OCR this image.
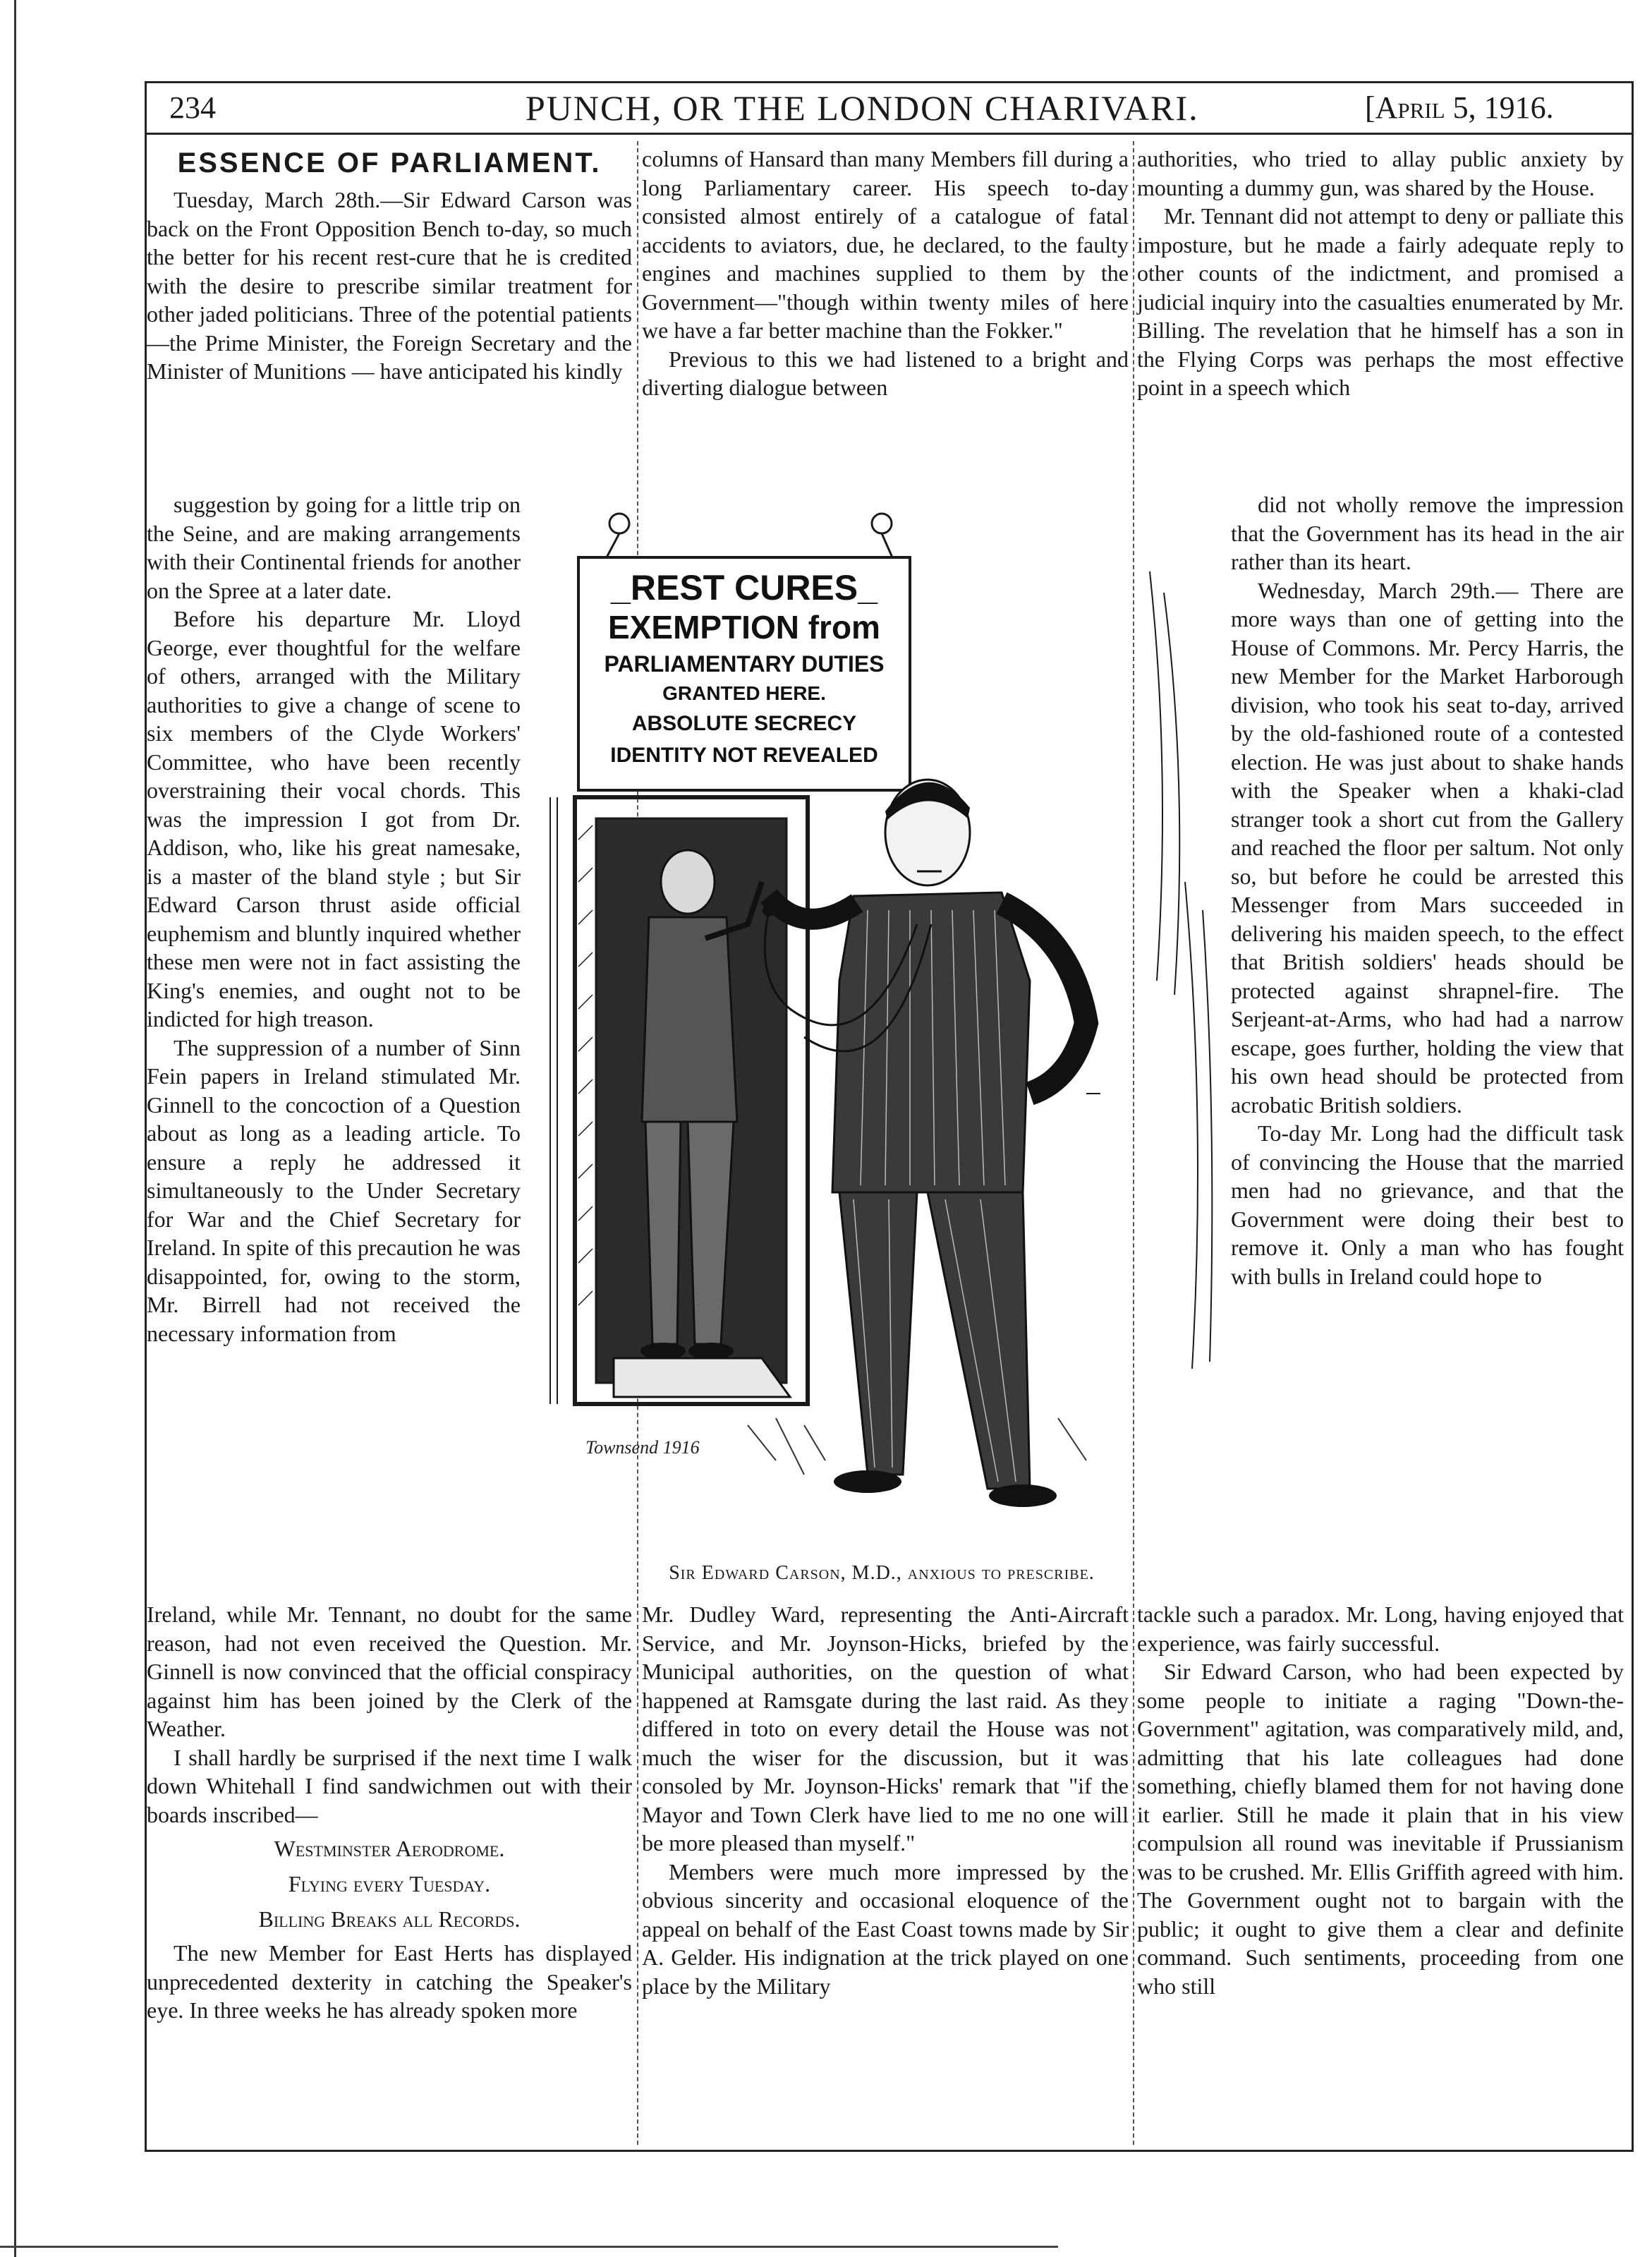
234	PUNCH, OR THE LONDON CHARIVARI.	[April 5, 1916.
ESSENCE OF PARLIAMENT.

Tuesday, March 28th.—Sir Edward Carson was back on the Front Opposition Bench to-day, so much the better for his recent rest-cure that he is credited with the desire to prescribe similar treatment for other jaded politicians. Three of the potential patients —the Prime Minister, the Foreign Secretary and the Minister of Munitions — have anticipated his kindly

suggestion by going for a little trip on the Seine, and are making arrangements with their Continental friends for another on the Spree at a later date.

Before his departure Mr. Lloyd George, ever thoughtful for the welfare of others, arranged with the Military authorities to give a change of scene to six members of the Clyde Workers' Committee, who have been recently overstraining their vocal chords. This was the impression I got from Dr. Addison, who, like his great namesake, is a master of the bland style ; but Sir Edward Carson thrust aside official euphemism and bluntly inquired whether these men were not in fact assisting the King's enemies, and ought not to be indicted for high treason.

The suppression of a number of Sinn Fein papers in Ireland stimulated Mr. Ginnell to the concoction of a Question about as long as a leading article. To ensure a reply he addressed it simultaneously to the Under Secretary for War and the Chief Secretary for Ireland. In spite of this precaution he was disappointed, for, owing to the storm, Mr. Birrell had not received the necessary information from

Ireland, while Mr. Tennant, no doubt for the same reason, had not even received the Question. Mr. Ginnell is now convinced that the official conspiracy against him has been joined by the Clerk of the Weather.

I shall hardly be surprised if the next time I walk down Whitehall I find sandwichmen out with their boards inscribed—

Westminster Aerodrome.
Flying every Tuesday.
Billing Breaks all Records.

The new Member for East Herts has displayed unprecedented dexterity in catching the Speaker's eye. In three weeks he has already spoken more

columns of Hansard than many Members fill during a long Parliamentary career. His speech to-day consisted almost entirely of a catalogue of fatal accidents to aviators, due, he declared, to the faulty engines and machines supplied to them by the Government—"though within twenty miles of here we have a far better machine than the Fokker."

Previous to this we had listened to a bright and diverting dialogue between

Mr. Dudley Ward, representing the Anti-Aircraft Service, and Mr. Joynson-Hicks, briefed by the Municipal authorities, on the question of what happened at Ramsgate during the last raid. As they differed in toto on every detail the House was not much the wiser for the discussion, but it was consoled by Mr. Joynson-Hicks' remark that "if the Mayor and Town Clerk have lied to me no one will be more pleased than myself."

Members were much more impressed by the obvious sincerity and occasional eloquence of the appeal on behalf of the East Coast towns made by Sir A. Gelder. His indignation at the trick played on one place by the Military

authorities, who tried to allay public anxiety by mounting a dummy gun, was shared by the House.

Mr. Tennant did not attempt to deny or palliate this imposture, but he made a fairly adequate reply to other counts of the indictment, and promised a judicial inquiry into the casualties enumerated by Mr. Billing. The revelation that he himself has a son in the Flying Corps was perhaps the most effective point in a speech which

did not wholly remove the impression that the Government has its head in the air rather than its heart.

Wednesday, March 29th.— There are more ways than one of getting into the House of Commons. Mr. Percy Harris, the new Member for the Market Harborough division, who took his seat to-day, arrived by the old-fashioned route of a contested election. He was just about to shake hands with the Speaker when a khaki-clad stranger took a short cut from the Gallery and reached the floor per saltum. Not only so, but before he could be arrested this Messenger from Mars succeeded in delivering his maiden speech, to the effect that British soldiers' heads should be protected against shrapnel-fire. The Serjeant-at-Arms, who had had a narrow escape, goes further, holding the view that his own head should be protected from acrobatic British soldiers.

To-day Mr. Long had the difficult task of convincing the House that the married men had no grievance, and that the Government were doing their best to remove it. Only a man who has fought with bulls in Ireland could hope to

tackle such a paradox. Mr. Long, having enjoyed that experience, was fairly successful.

Sir Edward Carson, who had been expected by some people to initiate a raging "Down-the-Government" agitation, was comparatively mild, and, admitting that his late colleagues had done something, chiefly blamed them for not having done it earlier. Still he made it plain that in his view compulsion all round was inevitable if Prussianism was to be crushed. Mr. Ellis Griffith agreed with him. The Government ought not to bargain with the public; it ought to give them a clear and definite command. Such sentiments, proceeding from one who still

_REST CURES_
EXEMPTION from
PARLIAMENTARY DUTIES
GRANTED HERE.
ABSOLUTE SECRECY
IDENTITY NOT REVEALED
Townsend 1916
Sir Edward Carson, M.D., anxious to prescribe.
